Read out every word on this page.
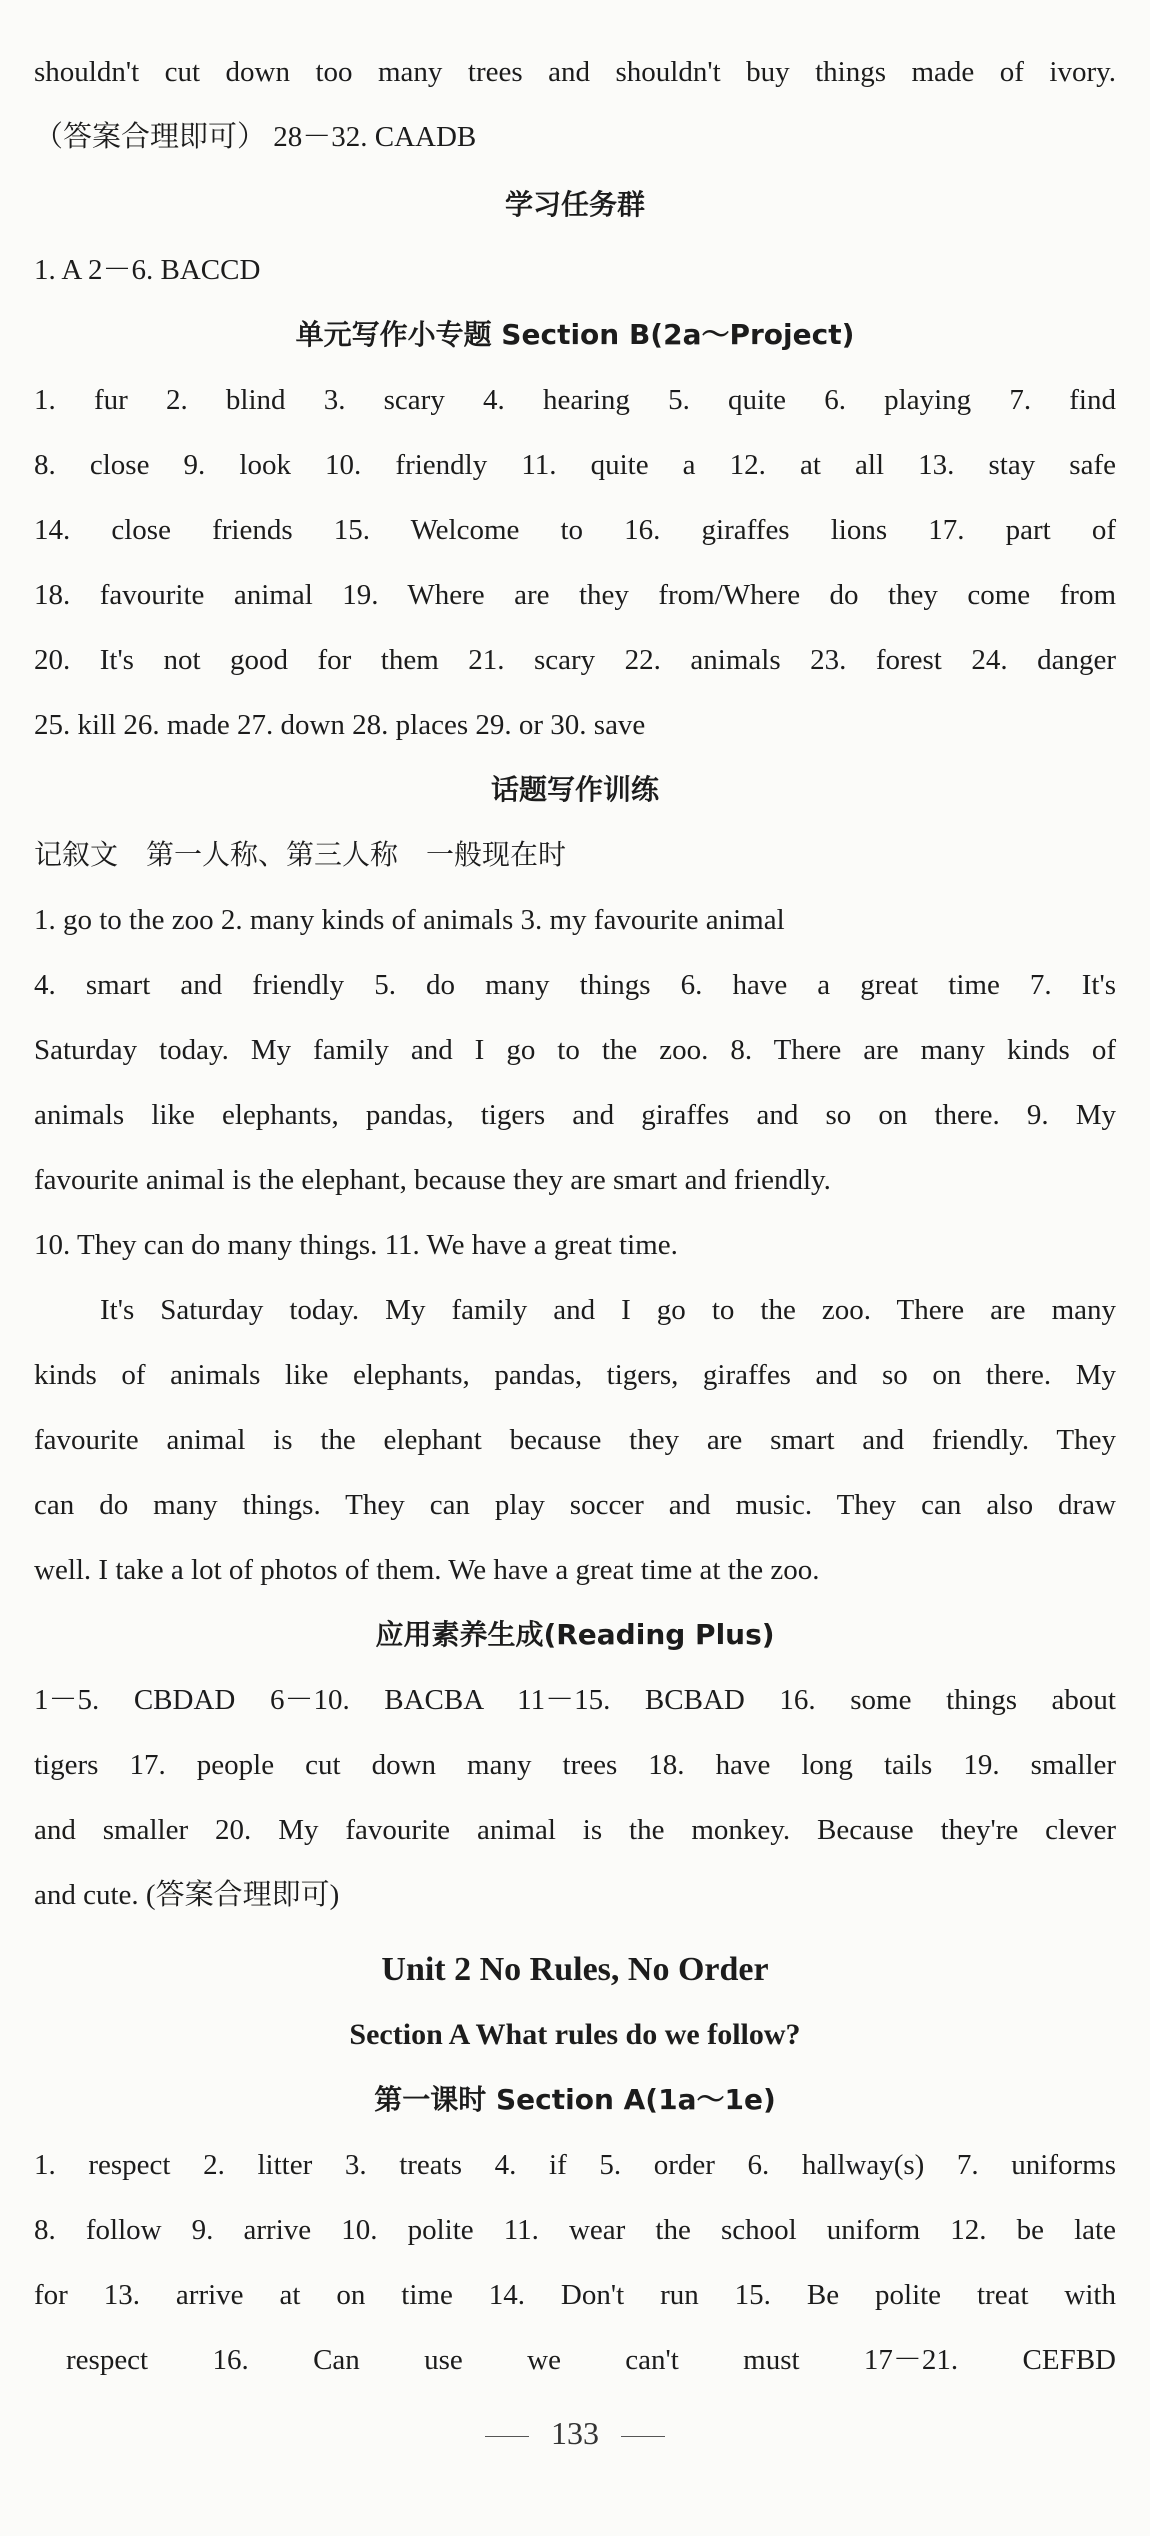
shouldn't cut down too many trees and shouldn't buy things made of ivory.
（答案合理即可） 28－32. CAADB
学习任务群
1. A 2－6. BACCD
单元写作小专题 Section B(2a～Project)
1. fur 2. blind 3. scary 4. hearing 5. quite 6. playing 7. find
8. close 9. look 10. friendly 11. quite a 12. at all 13. stay safe
14. close friends 15. Welcome to 16. giraffes lions 17. part of
18. favourite animal 19. Where are they from/Where do they come from
20. It's not good for them 21. scary 22. animals 23. forest 24. danger
25. kill 26. made 27. down 28. places 29. or 30. save
话题写作训练
记叙文　第一人称、第三人称　一般现在时
1. go to the zoo 2. many kinds of animals 3. my favourite animal
4. smart and friendly 5. do many things 6. have a great time 7. It's
Saturday today. My family and I go to the zoo. 8. There are many kinds of
animals like elephants, pandas, tigers and giraffes and so on there. 9. My
favourite animal is the elephant, because they are smart and friendly.
10. They can do many things. 11. We have a great time.
It's Saturday today. My family and I go to the zoo. There are many
kinds of animals like elephants, pandas, tigers, giraffes and so on there. My
favourite animal is the elephant because they are smart and friendly. They
can do many things. They can play soccer and music. They can also draw
well. I take a lot of photos of them. We have a great time at the zoo.
应用素养生成(Reading Plus)
1－5. CBDAD 6－10. BACBA 11－15. BCBAD 16. some things about
tigers 17. people cut down many trees 18. have long tails 19. smaller
and smaller 20. My favourite animal is the monkey. Because they're clever
and cute. (答案合理即可)
Unit 2 No Rules, No Order
Section A What rules do we follow?
第一课时 Section A(1a～1e)
1. respect 2. litter 3. treats 4. if 5. order 6. hallway(s) 7. uniforms
8. follow 9. arrive 10. polite 11. wear the school uniform 12. be late
for 13. arrive at on time 14. Don't run 15. Be polite treat with
respect 16. Can use we can't must 17－21. CEFBD
133
